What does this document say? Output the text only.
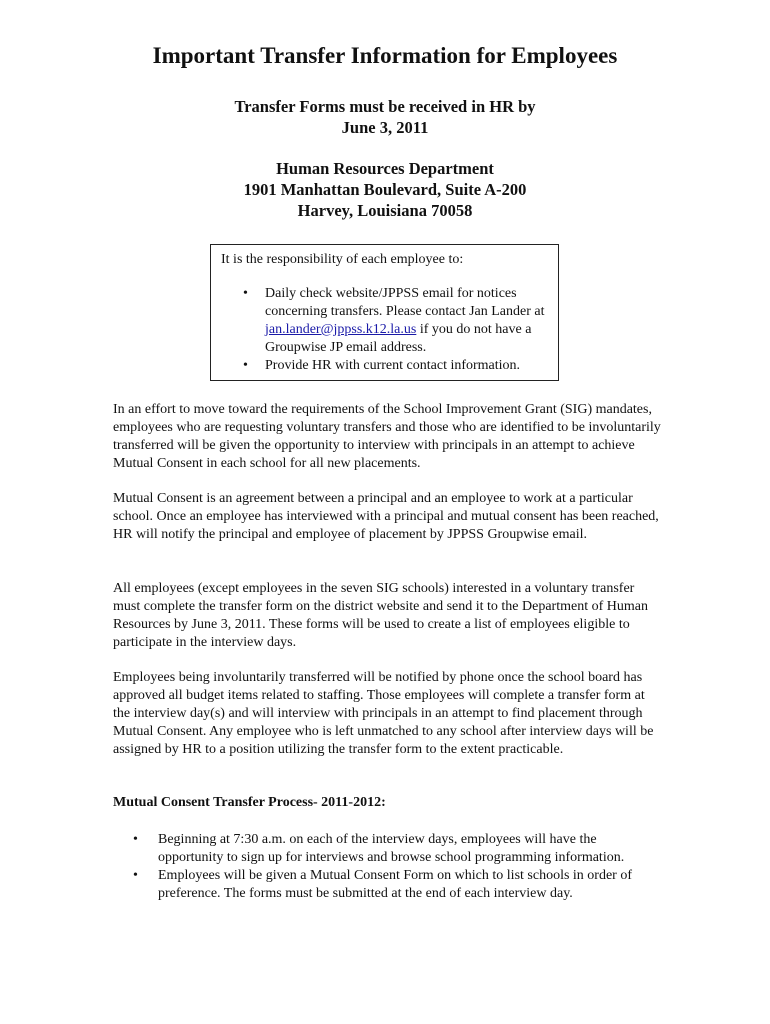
Important Transfer Information for Employees

Transfer Forms must be received in HR by
June 3, 2011

Human Resources Department
1901 Manhattan Boulevard, Suite A-200
Harvey, Louisiana 70058

It is the responsibility of each employee to:

• Daily check website/JPPSS email for notices concerning transfers. Please contact Jan Lander at jan.lander@jppss.k12.la.us if you do not have a Groupwise JP email address.
• Provide HR with current contact information.

In an effort to move toward the requirements of the School Improvement Grant (SIG) mandates, employees who are requesting voluntary transfers and those who are identified to be involuntarily transferred will be given the opportunity to interview with principals in an attempt to achieve Mutual Consent in each school for all new placements.

Mutual Consent is an agreement between a principal and an employee to work at a particular school. Once an employee has interviewed with a principal and mutual consent has been reached, HR will notify the principal and employee of placement by JPPSS Groupwise email.

All employees (except employees in the seven SIG schools) interested in a voluntary transfer must complete the transfer form on the district website and send it to the Department of Human Resources by June 3, 2011. These forms will be used to create a list of employees eligible to participate in the interview days.

Employees being involuntarily transferred will be notified by phone once the school board has approved all budget items related to staffing. Those employees will complete a transfer form at the interview day(s) and will interview with principals in an attempt to find placement through Mutual Consent. Any employee who is left unmatched to any school after interview days will be assigned by HR to a position utilizing the transfer form to the extent practicable.

Mutual Consent Transfer Process- 2011-2012:

• Beginning at 7:30 a.m. on each of the interview days, employees will have the opportunity to sign up for interviews and browse school programming information.
• Employees will be given a Mutual Consent Form on which to list schools in order of preference. The forms must be submitted at the end of each interview day.
